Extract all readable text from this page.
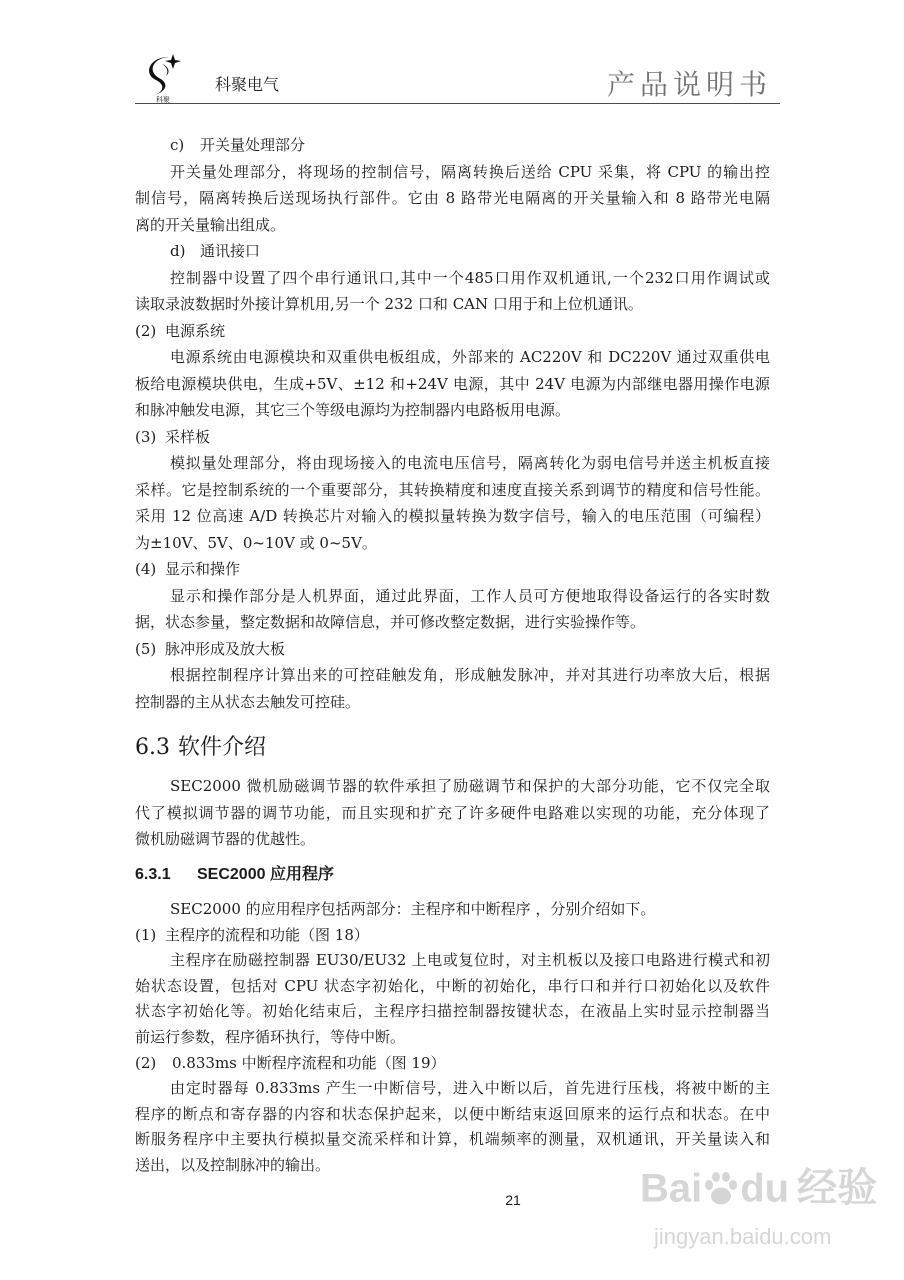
科聚
科聚电气	产品说明书
c) 开关量处理部分
开关量处理部分，将现场的控制信号，隔离转换后送给 CPU 采集，将 CPU 的输出控
制信号，隔离转换后送现场执行部件。它由 8 路带光电隔离的开关量输入和 8 路带光电隔
离的开关量输出组成。
d) 通讯接口
控制器中设置了四个串行通讯口,其中一个485口用作双机通讯,一个232口用作调试或
读取录波数据时外接计算机用,另一个 232 口和 CAN 口用于和上位机通讯。
(2) 电源系统
电源系统由电源模块和双重供电板组成，外部来的 AC220V 和 DC220V 通过双重供电
板给电源模块供电，生成+5V、±12 和+24V 电源，其中 24V 电源为内部继电器用操作电源
和脉冲触发电源，其它三个等级电源均为控制器内电路板用电源。
(3) 采样板
模拟量处理部分，将由现场接入的电流电压信号，隔离转化为弱电信号并送主机板直接
采样。它是控制系统的一个重要部分，其转换精度和速度直接关系到调节的精度和信号性能。
采用 12 位高速 A/D 转换芯片对输入的模拟量转换为数字信号，输入的电压范围（可编程）
为±10V、5V、0~10V 或 0~5V。
(4) 显示和操作
显示和操作部分是人机界面，通过此界面，工作人员可方便地取得设备运行的各实时数
据，状态参量，整定数据和故障信息，并可修改整定数据，进行实验操作等。
(5) 脉冲形成及放大板
根据控制程序计算出来的可控硅触发角，形成触发脉冲，并对其进行功率放大后，根据
控制器的主从状态去触发可控硅。
6.3 软件介绍
SEC2000 微机励磁调节器的软件承担了励磁调节和保护的大部分功能，它不仅完全取
代了模拟调节器的调节功能，而且实现和扩充了许多硬件电路难以实现的功能，充分体现了
微机励磁调节器的优越性。
6.3.1 SEC2000 应用程序
SEC2000 的应用程序包括两部分：主程序和中断程序 ，分别介绍如下。
(1) 主程序的流程和功能（图 18）
主程序在励磁控制器 EU30/EU32 上电或复位时，对主机板以及接口电路进行模式和初
始状态设置，包括对 CPU 状态字初始化，中断的初始化，串行口和并行口初始化以及软件
状态字初始化等。初始化结束后，主程序扫描控制器按键状态，在液晶上实时显示控制器当
前运行参数，程序循环执行，等侍中断。
(2) 0.833ms 中断程序流程和功能（图 19）
由定时器每 0.833ms 产生一中断信号，进入中断以后，首先进行压栈，将被中断的主
程序的断点和寄存器的内容和状态保护起来，以便中断结束返回原来的运行点和状态。在中
断服务程序中主要执行模拟量交流采样和计算，机端频率的测量，双机通讯，开关量读入和
送出，以及控制脉冲的输出。
21	Bai du 经验
jingyan.baidu.com
